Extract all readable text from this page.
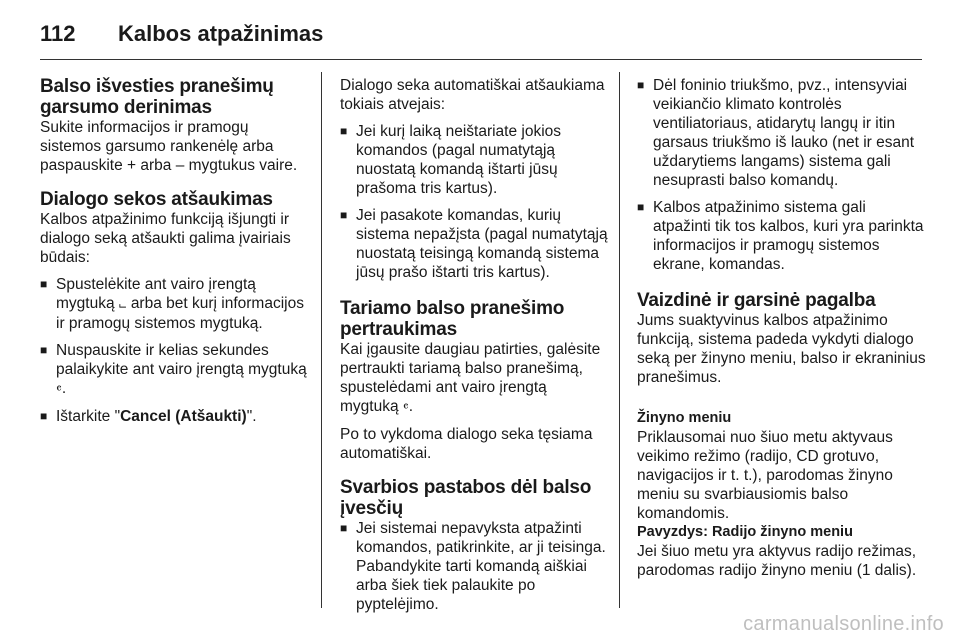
112	Kalbos atpažinimas
Balso išvesties pranešimų garsumo derinimas

Sukite informacijos ir pramogų sistemos garsumo rankenėlę arba paspauskite + arba – mygtukus vaire.

Dialogo sekos atšaukimas

Kalbos atpažinimo funkciją išjungti ir dialogo seką atšaukti galima įvairiais būdais:

■ Spustelėkite ant vairo įrengtą mygtuką ⨽ arba bet kurį informacijos ir pramogų sistemos mygtuką.
■ Nuspauskite ir kelias sekundes palaikykite ant vairo įrengtą mygtuką 𝄴.
■ Ištarkite "Cancel (Atšaukti)".

Dialogo seka automatiškai atšaukiama tokiais atvejais:

■ Jei kurį laiką neištariate jokios komandos (pagal numatytąją nuostatą komandą ištarti jūsų prašoma tris kartus).
■ Jei pasakote komandas, kurių sistema nepažįsta (pagal numatytąją nuostatą teisingą komandą sistema jūsų prašo ištarti tris kartus).
Tariamo balso pranešimo pertraukimas

Kai įgausite daugiau patirties, galėsite pertraukti tariamą balso pranešimą, spustelėdami ant vairo įrengtą mygtuką 𝄴.

Po to vykdoma dialogo seka tęsiama automatiškai.

Svarbios pastabos dėl balso įvesčių
■ Jei sistemai nepavyksta atpažinti komandos, patikrinkite, ar ji teisinga. Pabandykite tarti komandą aiškiai arba šiek tiek palaukite po pyptelėjimo.
■ Dėl foninio triukšmo, pvz., intensyviai veikiančio klimato kontrolės ventiliatoriaus, atidarytų langų ir itin garsaus triukšmo iš lauko (net ir esant uždarytiems langams) sistema gali nesuprasti balso komandų.
■ Kalbos atpažinimo sistema gali atpažinti tik tos kalbos, kuri yra parinkta informacijos ir pramogų sistemos ekrane, komandas.
Vaizdinė ir garsinė pagalba

Jums suaktyvinus kalbos atpažinimo funkciją, sistema padeda vykdyti dialogo seką per žinyno meniu, balso ir ekraninius pranešimus.

Žinyno meniu

Priklausomai nuo šiuo metu aktyvaus veikimo režimo (radijo, CD grotuvo, navigacijos ir t. t.), parodomas žinyno meniu su svarbiausiomis balso komandomis.

Pavyzdys: Radijo žinyno meniu

Jei šiuo metu yra aktyvus radijo režimas, parodomas radijo žinyno meniu (1 dalis).

carmanualsonline.info
